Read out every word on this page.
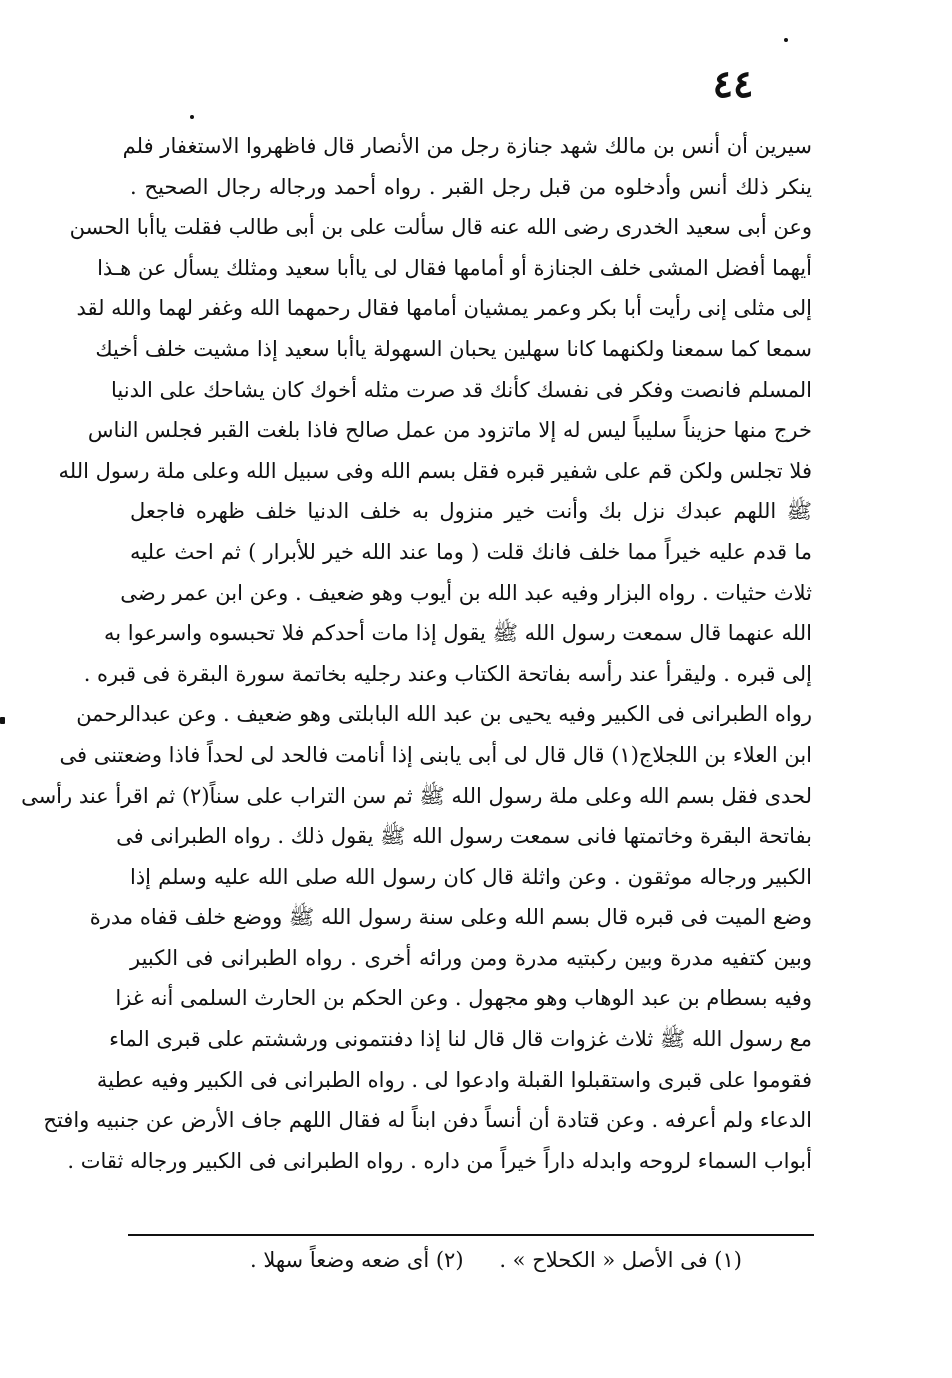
٤٤
سيرين أن أنس بن مالك شهد جنازة رجل من الأنصار قال فاظهروا الاستغفار فلم
ينكر ذلك أنس وأدخلوه من قبل رجل القبر . رواه أحمد ورجاله رجال الصحيح .
وعن أبى سعيد الخدرى رضى الله عنه قال سألت على بن أبى طالب فقلت ياأبا الحسن
أيهما أفضل المشى خلف الجنازة أو أمامها فقال لى ياأبا سعيد ومثلك يسأل عن هـذا
إلى مثلى إنى رأيت أبا بكر وعمر يمشيان أمامها فقال رحمهما الله وغفر لهما والله لقد
سمعا كما سمعنا ولكنهما كانا سهلين يحبان السهولة ياأبا سعيد إذا مشيت خلف أخيك
المسلم فانصت وفكر فى نفسك كأنك قد صرت مثله أخوك كان يشاحك على الدنيا
خرج منها حزيناً سليباً ليس له إلا ماتزود من عمل صالح فاذا بلغت القبر فجلس الناس
فلا تجلس ولكن قم على شفير قبره فقل بسم الله وفى سبيل الله وعلى ملة رسول الله
ﷺ اللهم عبدك نزل بك وأنت خير منزول به خلف الدنيا خلف ظهره فاجعل
ما قدم عليه خيراً مما خلف فانك قلت ( وما عند الله خير للأبرار ) ثم احث عليه
ثلاث حثيات . رواه البزار وفيه عبد الله بن أيوب وهو ضعيف . وعن ابن عمر رضى
الله عنهما قال سمعت رسول الله ﷺ يقول إذا مات أحدكم فلا تحبسوه واسرعوا به
إلى قبره . وليقرأ عند رأسه بفاتحة الكتاب وعند رجليه بخاتمة سورة البقرة فى قبره .
رواه الطبرانى فى الكبير وفيه يحيى بن عبد الله البابلتى وهو ضعيف . وعن عبدالرحمن
ابن العلاء بن اللجلاج(١) قال قال لى أبى يابنى إذا أنامت فالحد لى لحداً فاذا وضعتنى فى
لحدى فقل بسم الله وعلى ملة رسول الله ﷺ ثم سن التراب على سناً(٢) ثم اقرأ عند رأسى
بفاتحة البقرة وخاتمتها فانى سمعت رسول الله ﷺ يقول ذلك . رواه الطبرانى فى
الكبير ورجاله موثقون . وعن واثلة قال كان رسول الله صلى الله عليه وسلم إذا
وضع الميت فى قبره قال بسم الله وعلى سنة رسول الله ﷺ ووضع خلف قفاه مدرة
وبين كتفيه مدرة وبين ركبتيه مدرة ومن ورائه أخرى . رواه الطبرانى فى الكبير
وفيه بسطام بن عبد الوهاب وهو مجهول . وعن الحكم بن الحارث السلمى أنه غزا
مع رسول الله ﷺ ثلاث غزوات قال قال لنا إذا دفنتمونى ورششتم على قبرى الماء
فقوموا على قبرى واستقبلوا القبلة وادعوا لى . رواه الطبرانى فى الكبير وفيه عطية
الدعاء ولم أعرفه . وعن قتادة أن أنساً دفن ابناً له فقال اللهم جاف الأرض عن جنبيه وافتح
أبواب السماء لروحه وابدله داراً خيراً من داره . رواه الطبرانى فى الكبير ورجاله ثقات .
(١) فى الأصل « الكحلاح » .
(٢) أى ضعه وضعاً سهلا .
